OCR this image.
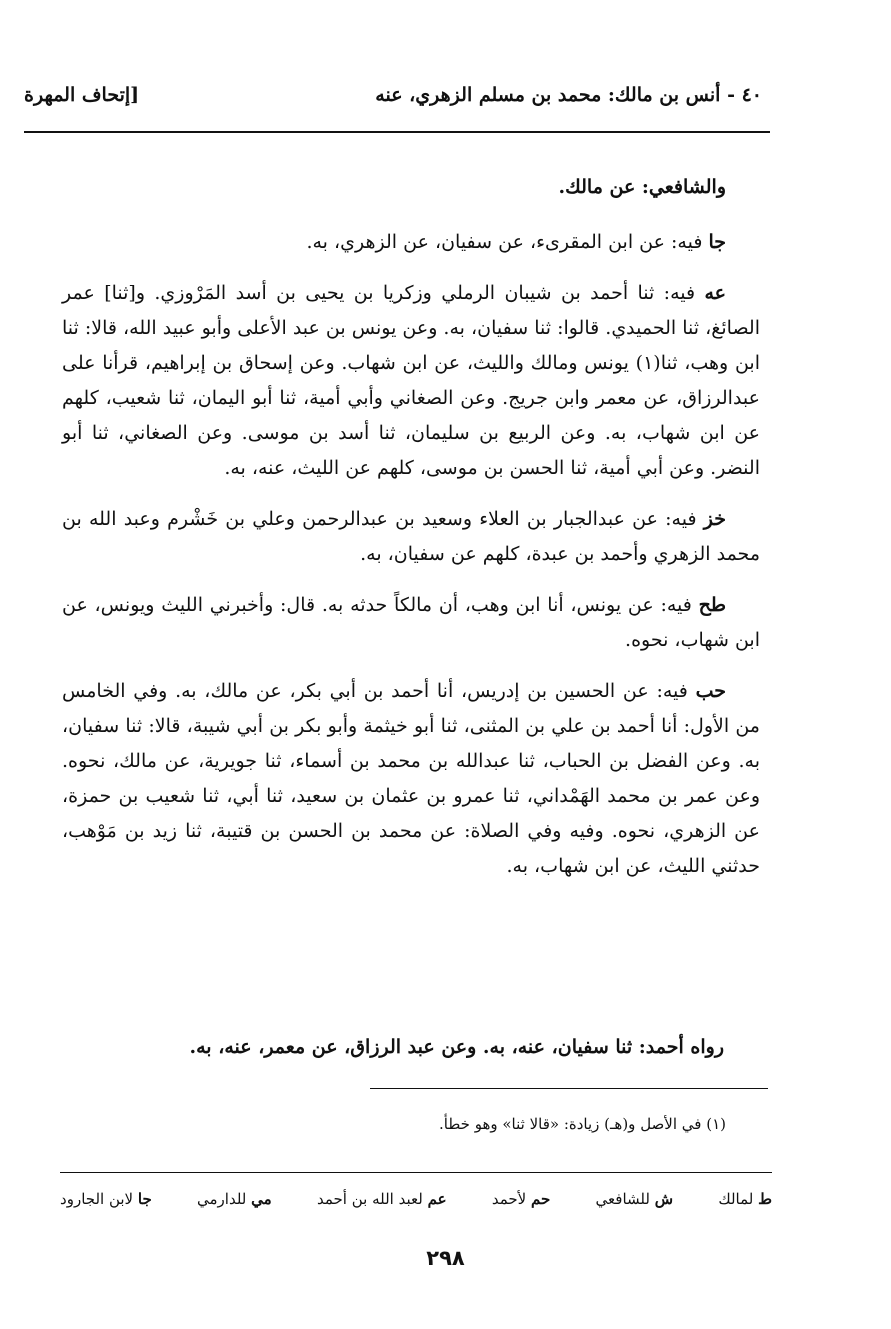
٤٠ - أنس بن مالك: محمد بن مسلم الزهري، عنه
[إتحاف المهرة
والشافعي: عن مالك.
جا فيه: عن ابن المقرىء، عن سفيان، عن الزهري، به.
عه فيه: ثنا أحمد بن شيبان الرملي وزكريا بن يحيى بن أسد المَرْوزي. و[ثنا] عمر الصائغ، ثنا الحميدي. قالوا: ثنا سفيان، به. وعن يونس بن عبد الأعلى وأبو عبيد الله، قالا: ثنا ابن وهب، ثنا(١) يونس ومالك والليث، عن ابن شهاب. وعن إسحاق بن إبراهيم، قرأنا على عبدالرزاق، عن معمر وابن جريج. وعن الصغاني وأبي أمية، ثنا أبو اليمان، ثنا شعيب، كلهم عن ابن شهاب، به. وعن الربيع بن سليمان، ثنا أسد بن موسى. وعن الصغاني، ثنا أبو النضر. وعن أبي أمية، ثنا الحسن بن موسى، كلهم عن الليث، عنه، به.
خز فيه: عن عبدالجبار بن العلاء وسعيد بن عبدالرحمن وعلي بن خَشْرم وعبد الله بن محمد الزهري وأحمد بن عبدة، كلهم عن سفيان، به.
طح فيه: عن يونس، أنا ابن وهب، أن مالكاً حدثه به. قال: وأخبرني الليث ويونس، عن ابن شهاب، نحوه.
حب فيه: عن الحسين بن إدريس، أنا أحمد بن أبي بكر، عن مالك، به. وفي الخامس من الأول: أنا أحمد بن علي بن المثنى، ثنا أبو خيثمة وأبو بكر بن أبي شيبة، قالا: ثنا سفيان، به. وعن الفضل بن الحباب، ثنا عبدالله بن محمد بن أسماء، ثنا جويرية، عن مالك، نحوه. وعن عمر بن محمد الهَمْداني، ثنا عمرو بن عثمان بن سعيد، ثنا أبي، ثنا شعيب بن حمزة، عن الزهري، نحوه. وفيه وفي الصلاة: عن محمد بن الحسن بن قتيبة، ثنا زيد بن مَوْهب، حدثني الليث، عن ابن شهاب، به.
رواه أحمد: ثنا سفيان، عنه، به. وعن عبد الرزاق، عن معمر، عنه، به.
(١) في الأصل و(هـ) زيادة: «قالا ثنا» وهو خطأ.
ط لمالك
ش للشافعي
حم لأحمد
عم لعبد الله بن أحمد
مي للدارمي
جا لابن الجارود
٢٩٨
